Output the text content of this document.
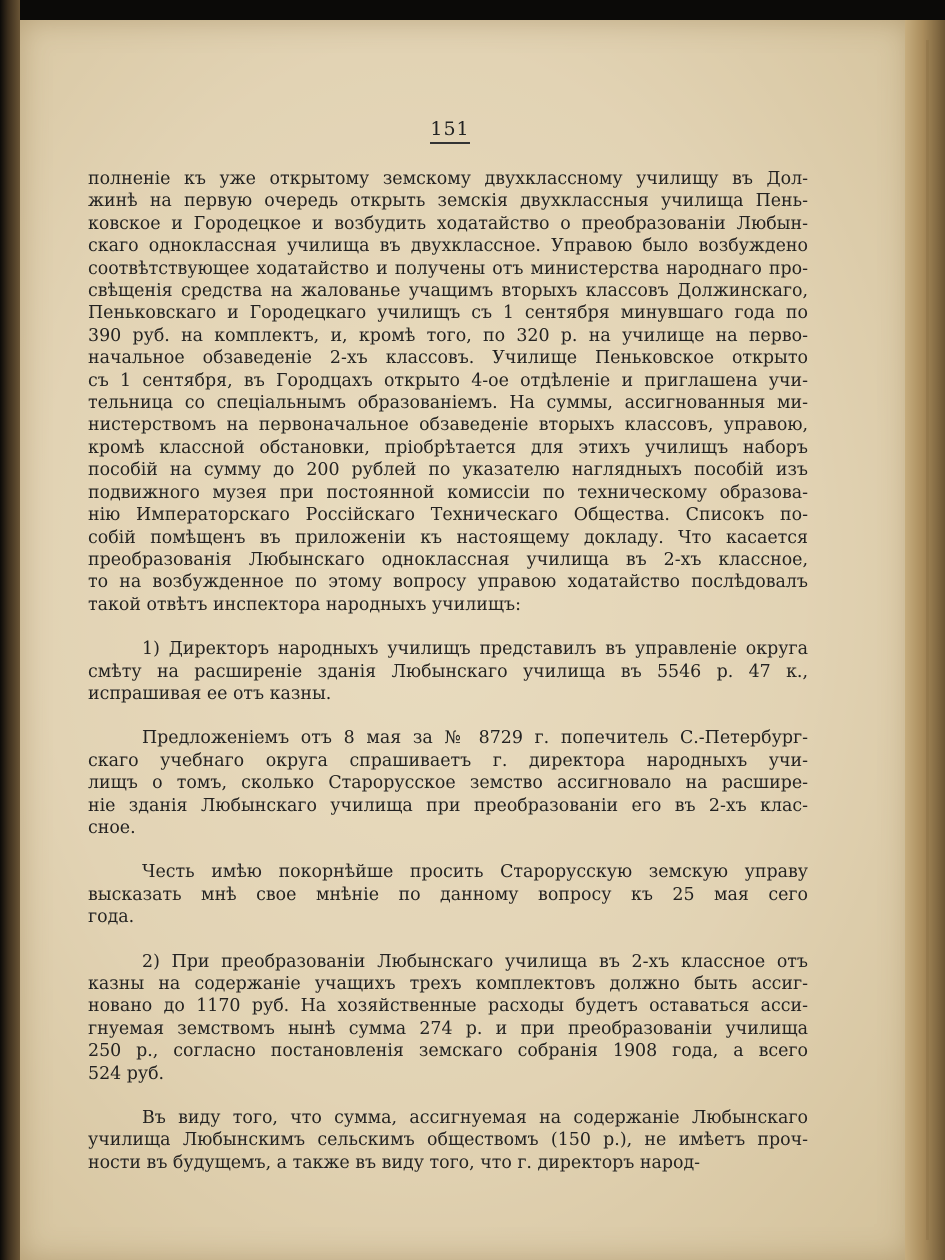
151
полненіе къ уже открытому земскому двухклассному училищу въ Дол-
жинѣ на первую очередь открыть земскія двухклассныя училища Пень-
ковское и Городецкое и возбудить ходатайство о преобразованіи Любын-
скаго одноклассная училища въ двухклассное. Управою было возбуждено
соотвѣтствующее ходатайство и получены отъ министерства народнаго про-
свѣщенія средства на жалованье учащимъ вторыхъ классовъ Должинскаго,
Пеньковскаго и Городецкаго училищъ съ 1 сентября минувшаго года по
390 руб. на комплектъ, и, кромѣ того, по 320 р. на училище на перво-
начальное обзаведеніе 2-хъ классовъ. Училище Пеньковское открыто
съ 1 сентября, въ Городцахъ открыто 4-ое отдѣленіе и приглашена учи-
тельница со спеціальнымъ образованіемъ. На суммы, ассигнованныя ми-
нистерствомъ на первоначальное обзаведеніе вторыхъ классовъ, управою,
кромѣ классной обстановки, пріобрѣтается для этихъ училищъ наборъ
пособій на сумму до 200 рублей по указателю наглядныхъ пособій изъ
подвижного музея при постоянной комиссіи по техническому образова-
нію Императорскаго Россійскаго Техническаго Общества. Списокъ по-
собій помѣщенъ въ приложеніи къ настоящему докладу. Что касается
преобразованія Любынскаго одноклассная училища въ 2-хъ классное,
то на возбужденное по этому вопросу управою ходатайство послѣдовалъ
такой отвѣтъ инспектора народныхъ училищъ:
1) Директоръ народныхъ училищъ представилъ въ управленіе округа
смѣту на расширеніе зданія Любынскаго училища въ 5546 р. 47 к.,
испрашивая ее отъ казны.
Предложеніемъ отъ 8 мая за № 8729 г. попечитель С.-Петербург-
скаго учебнаго округа спрашиваетъ г. директора народныхъ учи-
лищъ о томъ, сколько Старорусское земство ассигновало на расшире-
ніе зданія Любынскаго училища при преобразованіи его въ 2-хъ клас-
сное.
Честь имѣю покорнѣйше просить Старорусскую земскую управу
высказать мнѣ свое мнѣніе по данному вопросу къ 25 мая сего
года.
2) При преобразованіи Любынскаго училища въ 2-хъ классное отъ
казны на содержаніе учащихъ трехъ комплектовъ должно быть ассиг-
новано до 1170 руб. На хозяйственные расходы будетъ оставаться асси-
гнуемая земствомъ нынѣ сумма 274 р. и при преобразованіи училища
250 р., согласно постановленія земскаго собранія 1908 года, а всего
524 руб.
Въ виду того, что сумма, ассигнуемая на содержаніе Любынскаго
училища Любынскимъ сельскимъ обществомъ (150 р.), не имѣетъ проч-
ности въ будущемъ, а также въ виду того, что г. директоръ народ-
